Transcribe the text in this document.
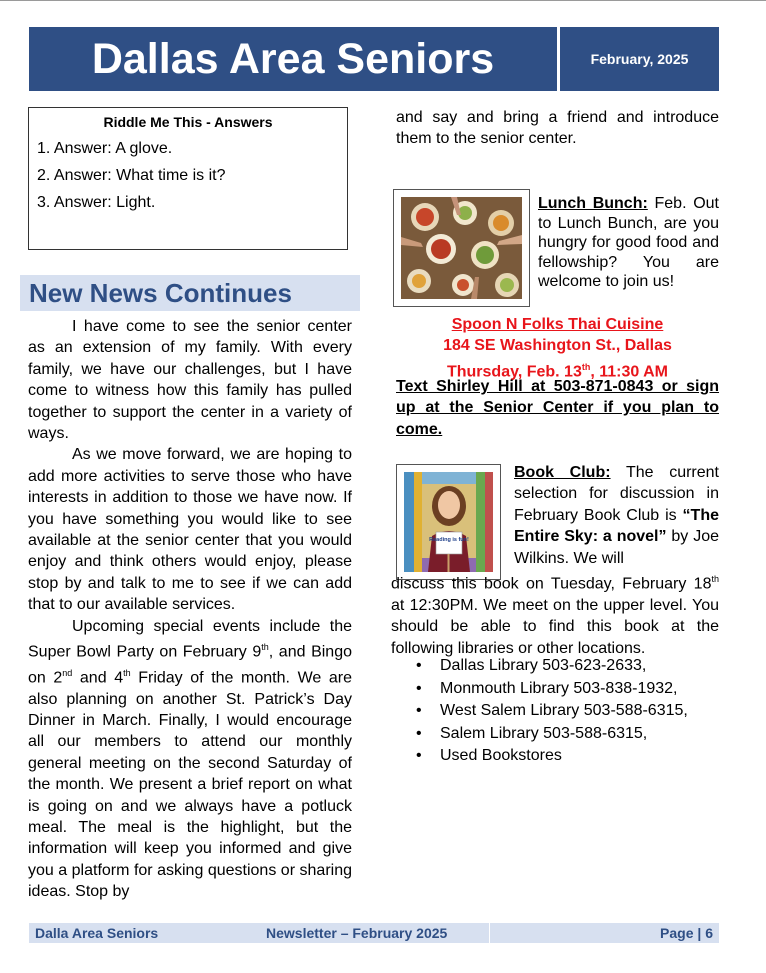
Dallas Area Seniors	February, 2025
Riddle Me This - Answers

1. Answer: A glove.

2. Answer: What time is it?

3. Answer: Light.

New News Continues

I have come to see the senior center as an extension of my family. With every family, we have our challenges, but I have come to witness how this family has pulled together to support the center in a variety of ways.

As we move forward, we are hoping to add more activities to serve those who have interests in addition to those we have now. If you have something you would like to see available at the senior center that you would enjoy and think others would enjoy, please stop by and talk to me to see if we can add that to our available services.

Upcoming special events include the Super Bowl Party on February 9th, and Bingo on 2nd and 4th Friday of the month. We are also planning on another St. Patrick’s Day Dinner in March. Finally, I would encourage all our members to attend our monthly general meeting on the second Saturday of the month. We present a brief report on what is going on and we always have a potluck meal. The meal is the highlight, but the information will keep you informed and give you a platform for asking questions or sharing ideas. Stop by

and say and bring a friend and introduce them to the senior center.
Lunch Bunch: Feb. Out to Lunch Bunch, are you hungry for good food and fellowship? You are welcome to join us!
Spoon N Folks Thai Cuisine
184 SE Washington St., Dallas
Thursday, Feb. 13th, 11:30 AM
Text Shirley Hill at 503-871-0843 or sign up at the Senior Center if you plan to come.
Reading is fun!
Book Club: The current selection for discussion in February Book Club is “The Entire Sky: a novel” by Joe Wilkins. We will
discuss this book on Tuesday, February 18th at 12:30PM. We meet on the upper level. You should be able to find this book at the following libraries or other locations.
• Dallas Library 503-623-2633,
• Monmouth Library 503-838-1932,
• West Salem Library 503-588-6315,
• Salem Library 503-588-6315,
• Used Bookstores
Dalla Area Seniors	Newsletter – February 2025	Page | 6
